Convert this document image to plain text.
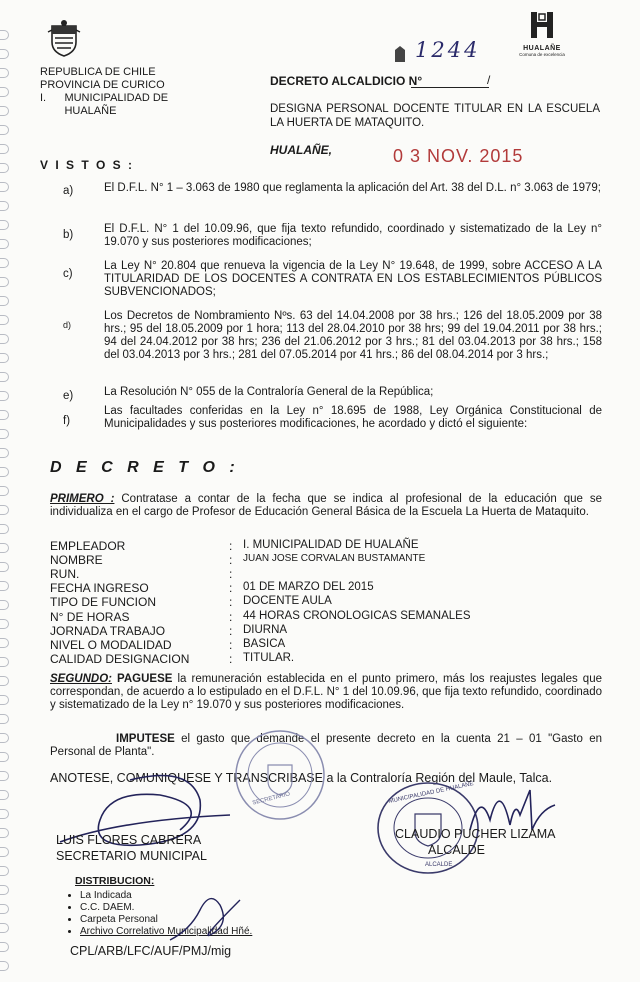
REPUBLICA DE CHILE
PROVINCIA DE CURICO
I.      MUNICIPALIDAD DE
HUALAÑE
HUALAÑE
Comuna de excelencia
1244
DECRETO ALCALDICIO N°	/
DESIGNA PERSONAL DOCENTE TITULAR EN LA ESCUELA LA HUERTA DE MATAQUITO.
HUALAÑE,	0 3 NOV. 2015
V I S T O S :
a)	El D.F.L. N° 1 – 3.063 de 1980 que reglamenta la aplicación del Art. 38 del D.L. n° 3.063 de 1979;
b)	El D.F.L. N° 1 del 10.09.96, que fija texto refundido, coordinado y sistematizado de la Ley n° 19.070 y sus posteriores modificaciones;
c)
La Ley N° 20.804 que renueva la vigencia de la Ley N° 19.648, de 1999, sobre ACCESO A LA TITULARIDAD DE LOS DOCENTES A CONTRATA EN LOS ESTABLECIMIENTOS PÚBLICOS SUBVENCIONADOS;
d)
Los Decretos de Nombramiento Nºs. 63 del 14.04.2008 por 38 hrs.; 126 del 18.05.2009 por 38 hrs.; 95 del 18.05.2009 por 1 hora; 113 del 28.04.2010 por 38 hrs; 99 del 19.04.2011 por 38 hrs.; 94 del 24.04.2012 por 38 hrs; 236 del 21.06.2012 por 3 hrs.; 81 del 03.04.2013 por 38 hrs.; 158 del 03.04.2013 por 3 hrs.; 281 del 07.05.2014 por 41 hrs.; 86 del 08.04.2014 por 3 hrs.;
e)	La Resolución N° 055 de la Contraloría General de la República;
f)
Las facultades conferidas en la Ley n° 18.695 de 1988, Ley Orgánica Constitucional de Municipalidades y sus posteriores modificaciones, he acordado y dictó el siguiente:
D E C R E T O :
PRIMERO : Contratase a contar de la fecha que se indica al profesional de la educación que se individualiza en el cargo de Profesor de Educación General Básica de la Escuela La Huerta de Mataquito.
EMPLEADOR	: I. MUNICIPALIDAD DE HUALAÑE
NOMBRE	: JUAN JOSE CORVALAN BUSTAMANTE
RUN.	:
FECHA INGRESO	: 01 DE MARZO DEL 2015
TIPO DE FUNCION	: DOCENTE AULA
N° DE HORAS	: 44 HORAS CRONOLOGICAS SEMANALES
JORNADA TRABAJO	: DIURNA
NIVEL O MODALIDAD	: BASICA
CALIDAD DESIGNACION	: TITULAR.
SEGUNDO: PAGUESE la remuneración establecida en el punto primero, más los reajustes legales que correspondan, de acuerdo a lo estipulado en el D.F.L. N° 1 del 10.09.96, que fija texto refundido, coordinado y sistematizado de la Ley n° 19.070 y sus posteriores modificaciones.
IMPUTESE el gasto que demande el presente decreto en la cuenta 21 – 01 "Gasto en Personal de Planta".
ANOTESE, COMUNIQUESE Y TRANSCRIBASE a la Contraloría Región del Maule, Talca.
SECRETARIO	MUNICIPALIDAD DE HUALAÑE
ALCALDE
LUIS FLORES CABRERA
SECRETARIO MUNICIPAL
CLAUDIO PUCHER LIZAMA
ALCALDE
DISTRIBUCION:
• La Indicada
• C.C. DAEM.
• Carpeta Personal
• Archivo Correlativo Municipalidad Hñé.
CPL/ARB/LFC/AUF/PMJ/mig
